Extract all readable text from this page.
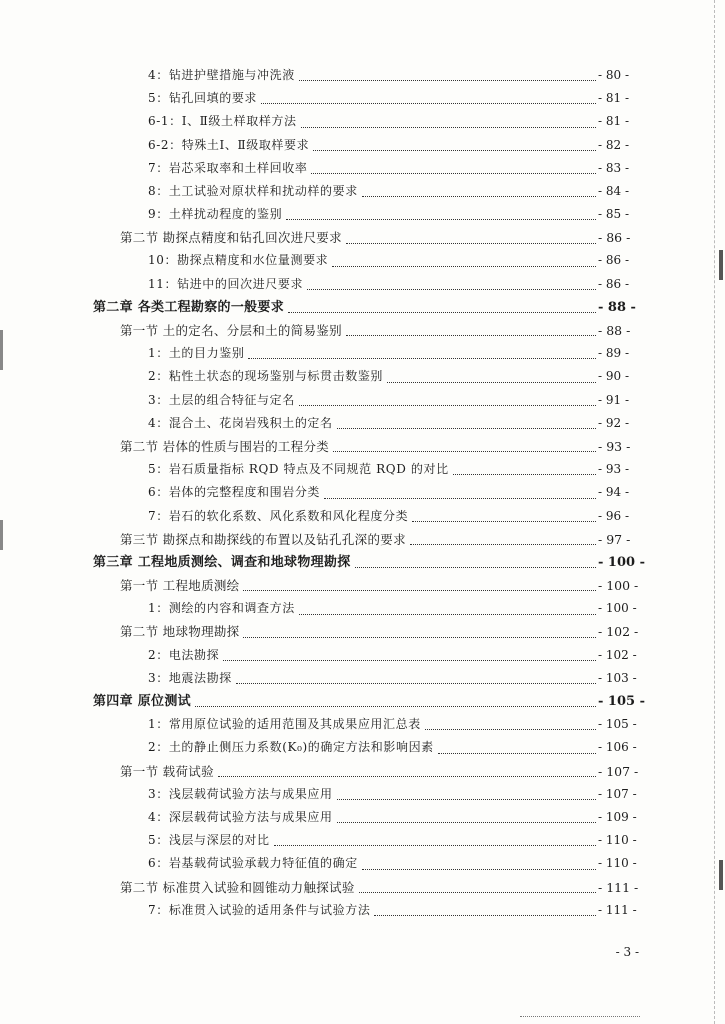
4：钻进护壁措施与冲洗液	- 80 -
5：钻孔回填的要求	- 81 -
6-1：Ⅰ、Ⅱ级土样取样方法	- 81 -
6-2：特殊土Ⅰ、Ⅱ级取样要求	- 82 -
7：岩芯采取率和土样回收率	- 83 -
8：土工试验对原状样和扰动样的要求	- 84 -
9：土样扰动程度的鉴别	- 85 -
第二节 勘探点精度和钻孔回次进尺要求	- 86 -
10：勘探点精度和水位量测要求	- 86 -
11：钻进中的回次进尺要求	- 86 -
第二章 各类工程勘察的一般要求	- 88 -
第一节 土的定名、分层和土的简易鉴别	- 88 -
1：土的目力鉴别	- 89 -
2：粘性土状态的现场鉴别与标贯击数鉴别	- 90 -
3：土层的组合特征与定名	- 91 -
4：混合土、花岗岩残积土的定名	- 92 -
第二节 岩体的性质与围岩的工程分类	- 93 -
5：岩石质量指标 RQD 特点及不同规范 RQD 的对比	- 93 -
6：岩体的完整程度和围岩分类	- 94 -
7：岩石的软化系数、风化系数和风化程度分类	- 96 -
第三节 勘探点和勘探线的布置以及钻孔孔深的要求	- 97 -
第三章 工程地质测绘、调查和地球物理勘探	- 100 -
第一节 工程地质测绘	- 100 -
1：测绘的内容和调查方法	- 100 -
第二节 地球物理勘探	- 102 -
2：电法勘探	- 102 -
3：地震法勘探	- 103 -
第四章 原位测试	- 105 -
1：常用原位试验的适用范围及其成果应用汇总表	- 105 -
2：土的静止侧压力系数(K₀)的确定方法和影响因素	- 106 -
第一节 载荷试验	- 107 -
3：浅层载荷试验方法与成果应用	- 107 -
4：深层载荷试验方法与成果应用	- 109 -
5：浅层与深层的对比	- 110 -
6：岩基载荷试验承载力特征值的确定	- 110 -
第二节 标准贯入试验和圆锥动力触探试验	- 111 -
7：标准贯入试验的适用条件与试验方法	- 111 -
- 3 -
